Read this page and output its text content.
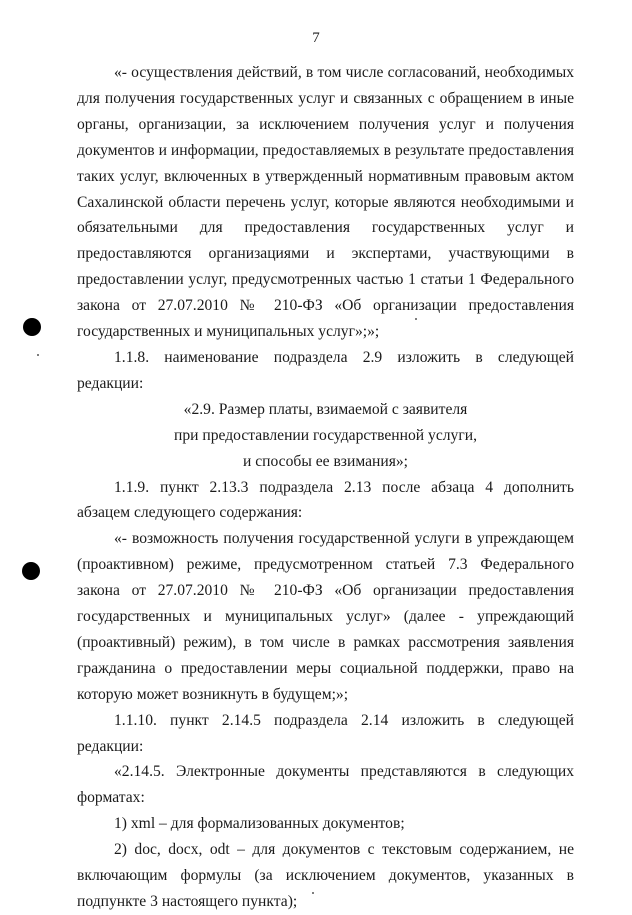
7

«- осуществления действий, в том числе согласований, необходимых для получения государственных услуг и связанных с обращением в иные органы, организации, за исключением получения услуг и получения документов и информации, предоставляемых в результате предоставления таких услуг, включенных в утвержденный нормативным правовым актом Сахалинской области перечень услуг, которые являются необходимыми и обязательными для предоставления государственных услуг и предоставляются организациями и экспертами, участвующими в предоставлении услуг, предусмотренных частью 1 статьи 1 Федерального закона от 27.07.2010 № 210-ФЗ «Об организации предоставления государственных и муниципальных услуг»;»;

1.1.8. наименование подраздела 2.9 изложить в следующей редакции:

«2.9. Размер платы, взимаемой с заявителя

при предоставлении государственной услуги,

и способы ее взимания»;

1.1.9. пункт 2.13.3 подраздела 2.13 после абзаца 4 дополнить абзацем следующего содержания:

«- возможность получения государственной услуги в упреждающем (проактивном) режиме, предусмотренном статьей 7.3 Федерального закона от 27.07.2010 № 210-ФЗ «Об организации предоставления государственных и муниципальных услуг» (далее - упреждающий (проактивный) режим), в том числе в рамках рассмотрения заявления гражданина о предоставлении меры социальной поддержки, право на которую может возникнуть в будущем;»;

1.1.10. пункт 2.14.5 подраздела 2.14 изложить в следующей редакции:

«2.14.5. Электронные документы представляются в следующих форматах:

1) xml – для формализованных документов;

2) doc, docx, odt – для документов с текстовым содержанием, не включающим формулы (за исключением документов, указанных в подпункте 3 настоящего пункта);
